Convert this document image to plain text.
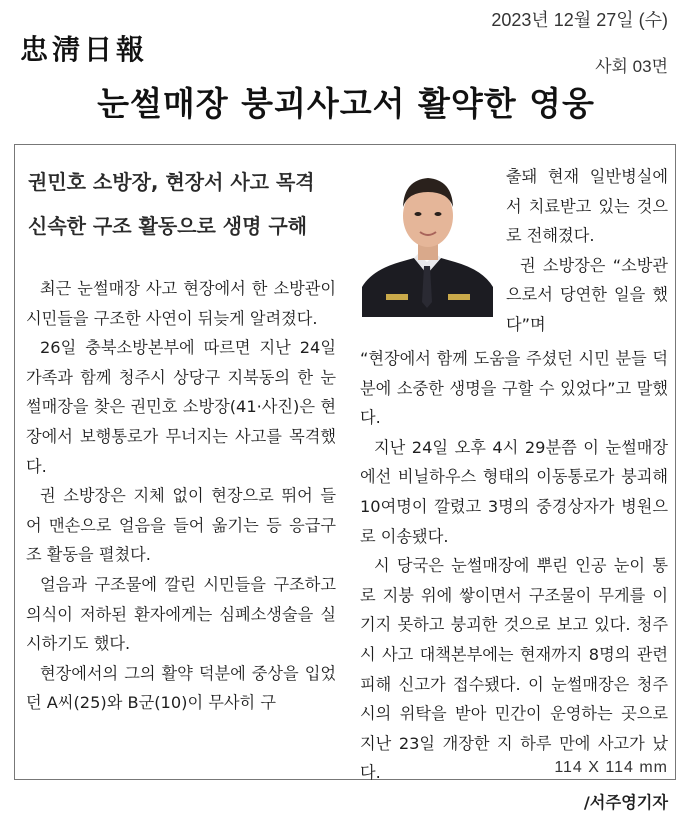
2023년 12월 27일 (수)
忠淸日報
사회 03면
눈썰매장 붕괴사고서 활약한 영웅
권민호 소방장, 현장서 사고 목격
신속한 구조 활동으로 생명 구해

최근 눈썰매장 사고 현장에서 한 소방관이 시민들을 구조한 사연이 뒤늦게 알려졌다.

26일 충북소방본부에 따르면 지난 24일 가족과 함께 청주시 상당구 지북동의 한 눈썰매장을 찾은 권민호 소방장(41·사진)은 현장에서 보행통로가 무너지는 사고를 목격했다.

권 소방장은 지체 없이 현장으로 뛰어 들어 맨손으로 얼음을 들어 옮기는 등 응급구조 활동을 펼쳤다.

얼음과 구조물에 깔린 시민들을 구조하고 의식이 저하된 환자에게는 심폐소생술을 실시하기도 했다.

현장에서의 그의 활약 덕분에 중상을 입었던 A씨(25)와 B군(10)이 무사히 구

출돼 현재 일반병실에서 치료받고 있는 것으로 전해졌다.

권 소방장은 “소방관으로서 당연한 일을 했다”며

“현장에서 함께 도움을 주셨던 시민 분들 덕분에 소중한 생명을 구할 수 있었다”고 말했다.

지난 24일 오후 4시 29분쯤 이 눈썰매장에선 비닐하우스 형태의 이동통로가 붕괴해 10여명이 깔렸고 3명의 중경상자가 병원으로 이송됐다.

시 당국은 눈썰매장에 뿌린 인공 눈이 통로 지붕 위에 쌓이면서 구조물이 무게를 이기지 못하고 붕괴한 것으로 보고 있다. 청주시 사고 대책본부에는 현재까지 8명의 관련 피해 신고가 접수됐다. 이 눈썰매장은 청주시의 위탁을 받아 민간이 운영하는 곳으로 지난 23일 개장한 지 하루 만에 사고가 났다.

/서주영기자
114 X 114 mm
